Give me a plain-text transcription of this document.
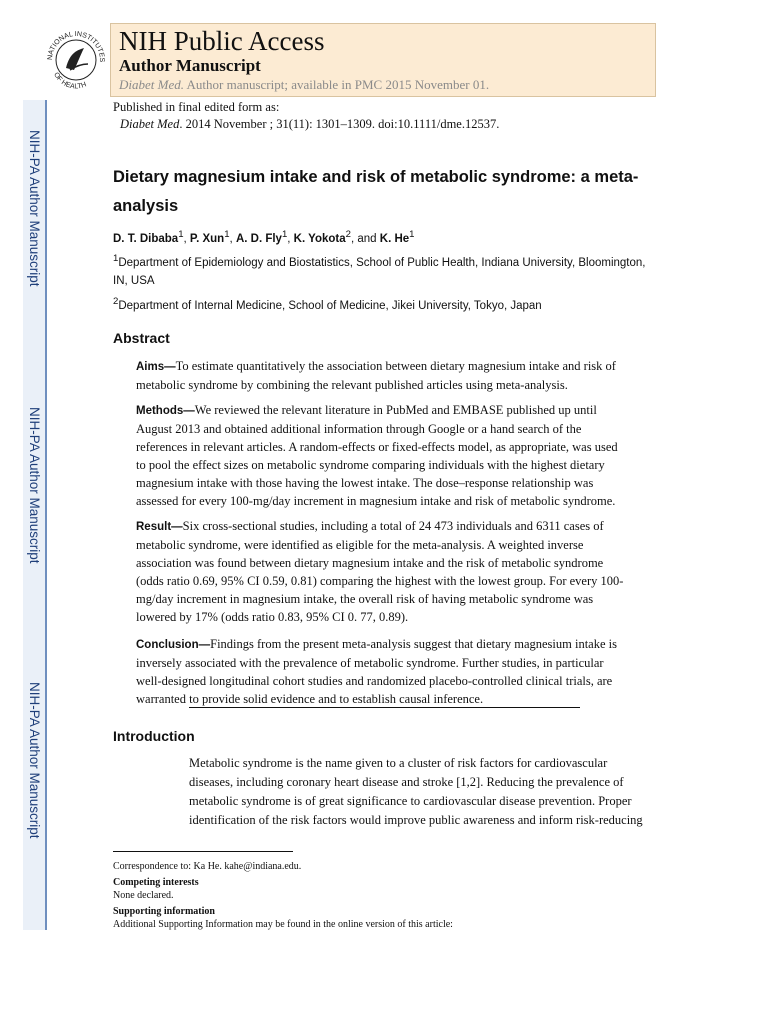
NIH-PA Author Manuscript
NIH-PA Author Manuscript
NIH-PA Author Manuscript
NATIONAL INSTITUTES
OF HEALTH
NIH Public Access
Author Manuscript
Diabet Med. Author manuscript; available in PMC 2015 November 01.
Published in final edited form as:
Diabet Med. 2014 November ; 31(11): 1301–1309. doi:10.1111/dme.12537.
Dietary magnesium intake and risk of metabolic syndrome: a meta-analysis
D. T. Dibaba$^1$, P. Xun$^1$, A. D. Fly$^1$, K. Yokota$^2$, and K. He$^1$
$^1$Department of Epidemiology and Biostatistics, School of Public Health, Indiana University, Bloomington, IN, USA
$^2$Department of Internal Medicine, School of Medicine, Jikei University, Tokyo, Japan
Abstract
Aims—To estimate quantitatively the association between dietary magnesium intake and risk of metabolic syndrome by combining the relevant published articles using meta-analysis.
Methods—We reviewed the relevant literature in PubMed and EMBASE published up until August 2013 and obtained additional information through Google or a hand search of the references in relevant articles. A random-effects or fixed-effects model, as appropriate, was used to pool the effect sizes on metabolic syndrome comparing individuals with the highest dietary magnesium intake with those having the lowest intake. The dose–response relationship was assessed for every 100-mg/day increment in magnesium intake and risk of metabolic syndrome.
Result—Six cross-sectional studies, including a total of 24 473 individuals and 6311 cases of metabolic syndrome, were identified as eligible for the meta-analysis. A weighted inverse association was found between dietary magnesium intake and the risk of metabolic syndrome (odds ratio 0.69, 95% CI 0.59, 0.81) comparing the highest with the lowest group. For every 100-mg/day increment in magnesium intake, the overall risk of having metabolic syndrome was lowered by 17% (odds ratio 0.83, 95% CI 0. 77, 0.89).
Conclusion—Findings from the present meta-analysis suggest that dietary magnesium intake is inversely associated with the prevalence of metabolic syndrome. Further studies, in particular well-designed longitudinal cohort studies and randomized placebo-controlled clinical trials, are warranted to provide solid evidence and to establish causal inference.
Introduction
Metabolic syndrome is the name given to a cluster of risk factors for cardiovascular diseases, including coronary heart disease and stroke [1,2]. Reducing the prevalence of metabolic syndrome is of great significance to cardiovascular disease prevention. Proper identification of the risk factors would improve public awareness and inform risk-reducing
Correspondence to: Ka He. kahe@indiana.edu.
Competing interests
None declared.
Supporting information
Additional Supporting Information may be found in the online version of this article:
